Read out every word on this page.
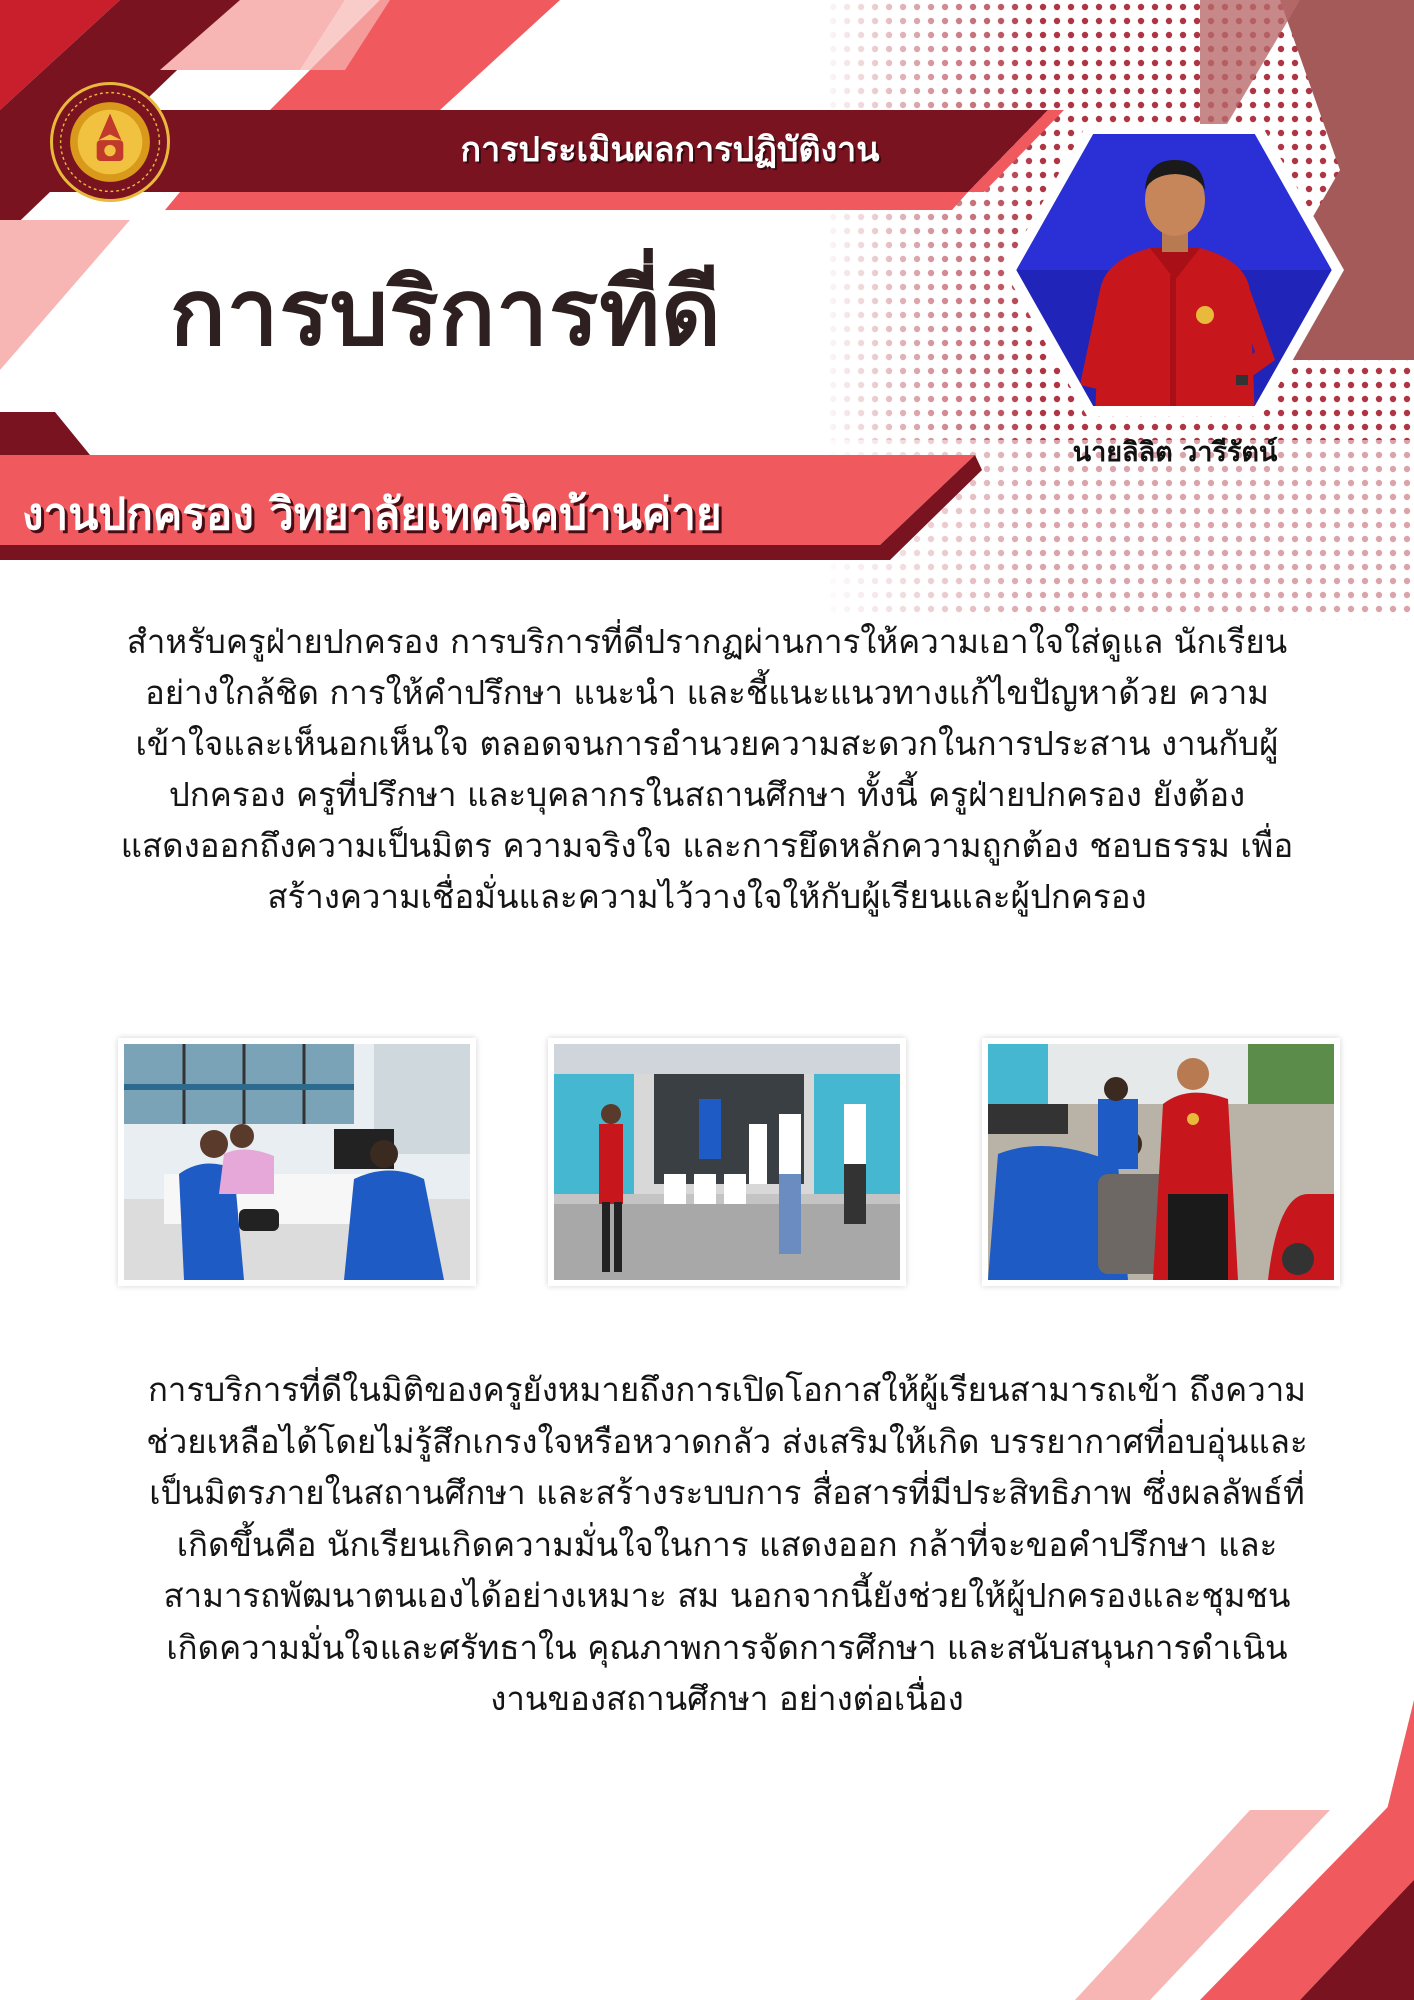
การประเมินผลการปฏิบัติงาน
การบริการที่ดี
งานปกครอง วิทยาลัยเทคนิคบ้านค่าย
นายลิลิต วารีรัตน์
สำหรับครูฝ่ายปกครอง การบริการที่ดีปรากฏผ่านการให้ความเอาใจใส่ดูแล นักเรียนอย่างใกล้ชิด การให้คำปรึกษา แนะนำ และชี้แนะแนวทางแก้ไขปัญหาด้วย ความเข้าใจและเห็นอกเห็นใจ ตลอดจนการอำนวยความสะดวกในการประสาน งานกับผู้ปกครอง ครูที่ปรึกษา และบุคลากรในสถานศึกษา ทั้งนี้ ครูฝ่ายปกครอง ยังต้องแสดงออกถึงความเป็นมิตร ความจริงใจ และการยึดหลักความถูกต้อง ชอบธรรม เพื่อสร้างความเชื่อมั่นและความไว้วางใจให้กับผู้เรียนและผู้ปกครอง
การบริการที่ดีในมิติของครูยังหมายถึงการเปิดโอกาสให้ผู้เรียนสามารถเข้า ถึงความช่วยเหลือได้โดยไม่รู้สึกเกรงใจหรือหวาดกลัว ส่งเสริมให้เกิด บรรยากาศที่อบอุ่นและเป็นมิตรภายในสถานศึกษา และสร้างระบบการ สื่อสารที่มีประสิทธิภาพ ซึ่งผลลัพธ์ที่เกิดขึ้นคือ นักเรียนเกิดความมั่นใจในการ แสดงออก กล้าที่จะขอคำปรึกษา และสามารถพัฒนาตนเองได้อย่างเหมาะ สม นอกจากนี้ยังช่วยให้ผู้ปกครองและชุมชนเกิดความมั่นใจและศรัทธาใน คุณภาพการจัดการศึกษา และสนับสนุนการดำเนินงานของสถานศึกษา อย่างต่อเนื่อง
